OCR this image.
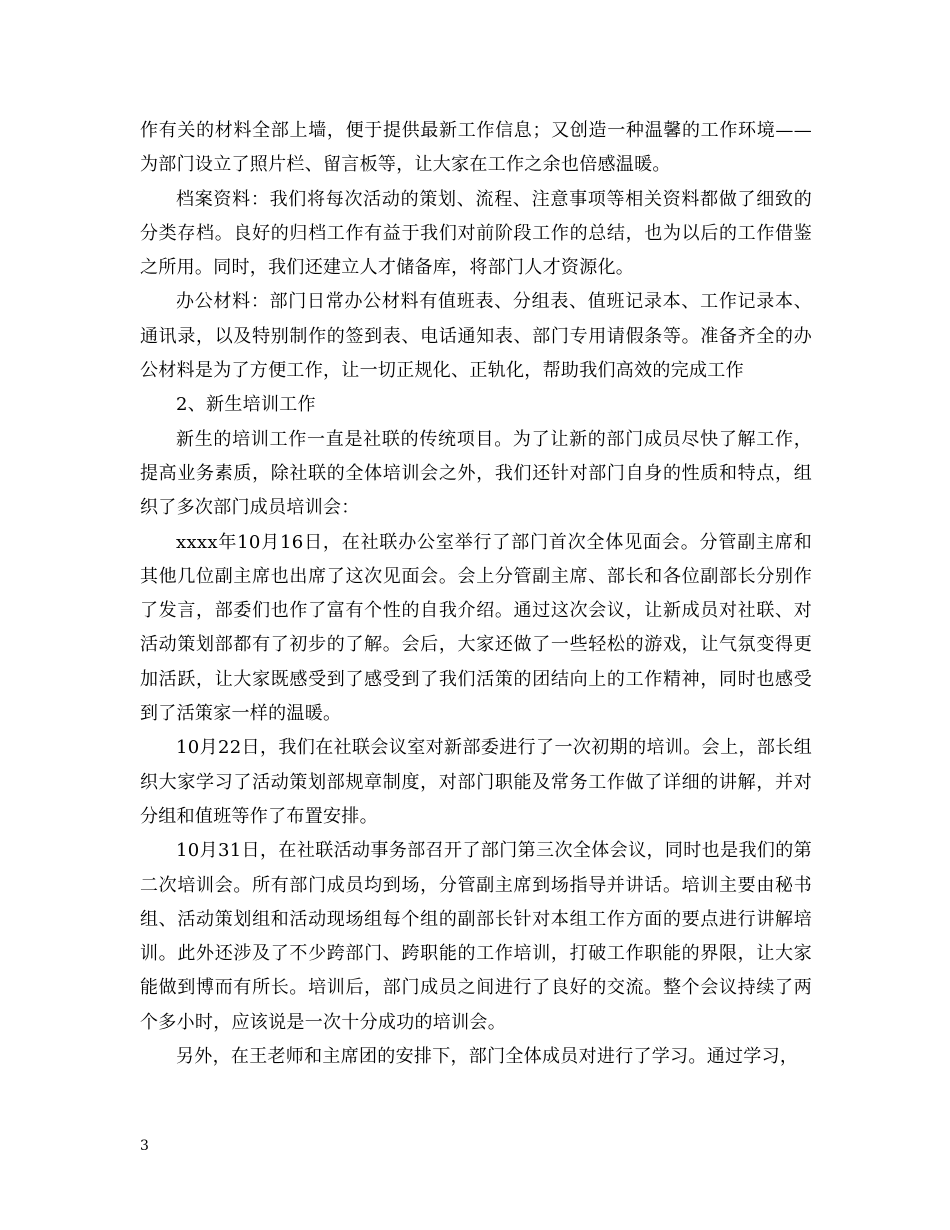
作有关的材料全部上墙，便于提供最新工作信息；又创造一种温馨的工作环境——为部门设立了照片栏、留言板等，让大家在工作之余也倍感温暖。

档案资料：我们将每次活动的策划、流程、注意事项等相关资料都做了细致的分类存档。良好的归档工作有益于我们对前阶段工作的总结，也为以后的工作借鉴之所用。同时，我们还建立人才储备库，将部门人才资源化。

办公材料：部门日常办公材料有值班表、分组表、值班记录本、工作记录本、通讯录，以及特别制作的签到表、电话通知表、部门专用请假条等。准备齐全的办公材料是为了方便工作，让一切正规化、正轨化，帮助我们高效的完成工作

2、新生培训工作

新生的培训工作一直是社联的传统项目。为了让新的部门成员尽快了解工作，提高业务素质，除社联的全体培训会之外，我们还针对部门自身的性质和特点，组织了多次部门成员培训会：

xxxx年10月16日，在社联办公室举行了部门首次全体见面会。分管副主席和其他几位副主席也出席了这次见面会。会上分管副主席、部长和各位副部长分别作了发言，部委们也作了富有个性的自我介绍。通过这次会议，让新成员对社联、对活动策划部都有了初步的了解。会后，大家还做了一些轻松的游戏，让气氛变得更加活跃，让大家既感受到了感受到了我们活策的团结向上的工作精神，同时也感受到了活策家一样的温暖。

10月22日，我们在社联会议室对新部委进行了一次初期的培训。会上，部长组织大家学习了活动策划部规章制度，对部门职能及常务工作做了详细的讲解，并对分组和值班等作了布置安排。

10月31日，在社联活动事务部召开了部门第三次全体会议，同时也是我们的第二次培训会。所有部门成员均到场，分管副主席到场指导并讲话。培训主要由秘书组、活动策划组和活动现场组每个组的副部长针对本组工作方面的要点进行讲解培训。此外还涉及了不少跨部门、跨职能的工作培训，打破工作职能的界限，让大家能做到博而有所长。培训后，部门成员之间进行了良好的交流。整个会议持续了两个多小时，应该说是一次十分成功的培训会。

另外，在王老师和主席团的安排下，部门全体成员对进行了学习。通过学习，

3
